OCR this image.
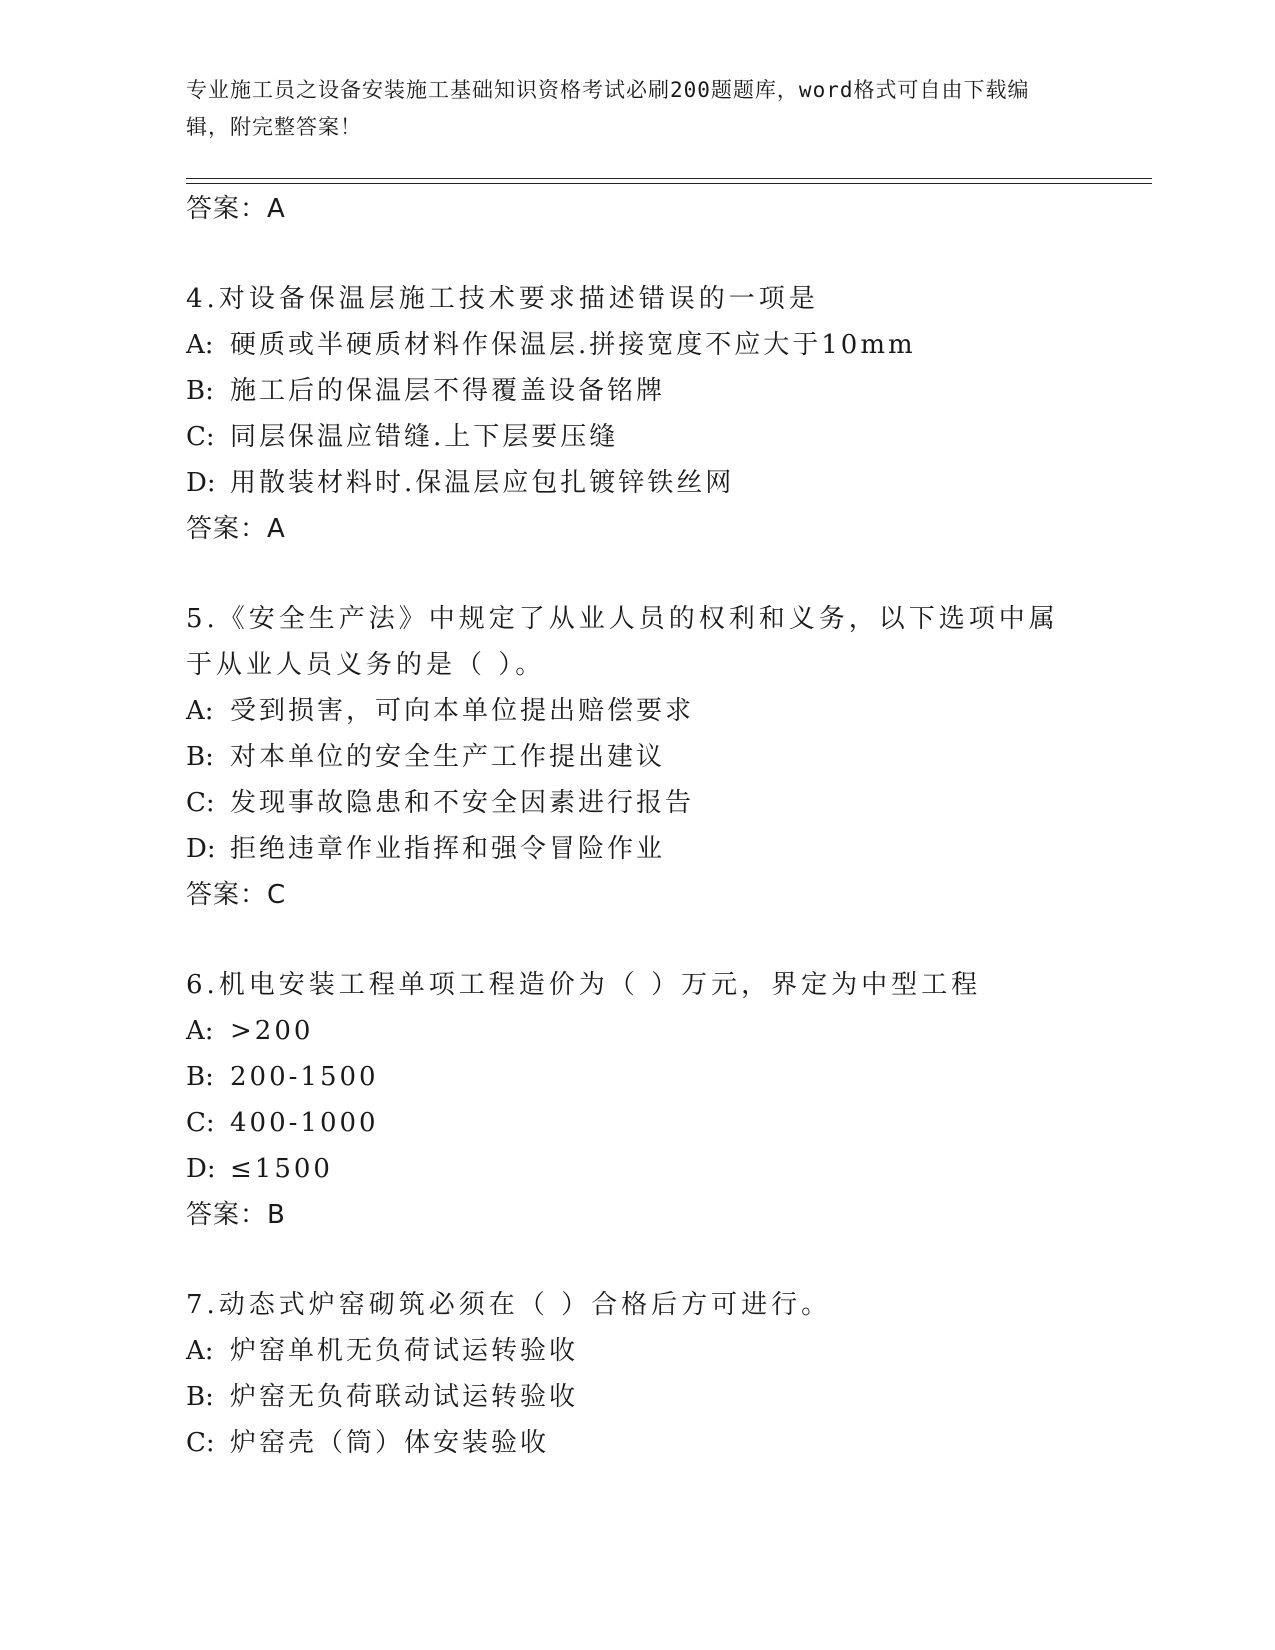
专业施工员之设备安装施工基础知识资格考试必刷200题题库，word格式可自由下载编辑，附完整答案！
答案：A
4.对设备保温层施工技术要求描述错误的一项是
A: 硬质或半硬质材料作保温层.拼接宽度不应大于10mm
B: 施工后的保温层不得覆盖设备铭牌
C: 同层保温应错缝.上下层要压缝
D: 用散装材料时.保温层应包扎镀锌铁丝网
答案：A
5.《安全生产法》中规定了从业人员的权利和义务，以下选项中属于从业人员义务的是（ ）。
A: 受到损害，可向本单位提出赔偿要求
B: 对本单位的安全生产工作提出建议
C: 发现事故隐患和不安全因素进行报告
D: 拒绝违章作业指挥和强令冒险作业
答案：C
6.机电安装工程单项工程造价为（ ）万元，界定为中型工程
A: >200
B: 200-1500
C: 400-1000
D: ≤1500
答案：B
7.动态式炉窑砌筑必须在（ ）合格后方可进行。
A: 炉窑单机无负荷试运转验收
B: 炉窑无负荷联动试运转验收
C: 炉窑壳（筒）体安装验收
